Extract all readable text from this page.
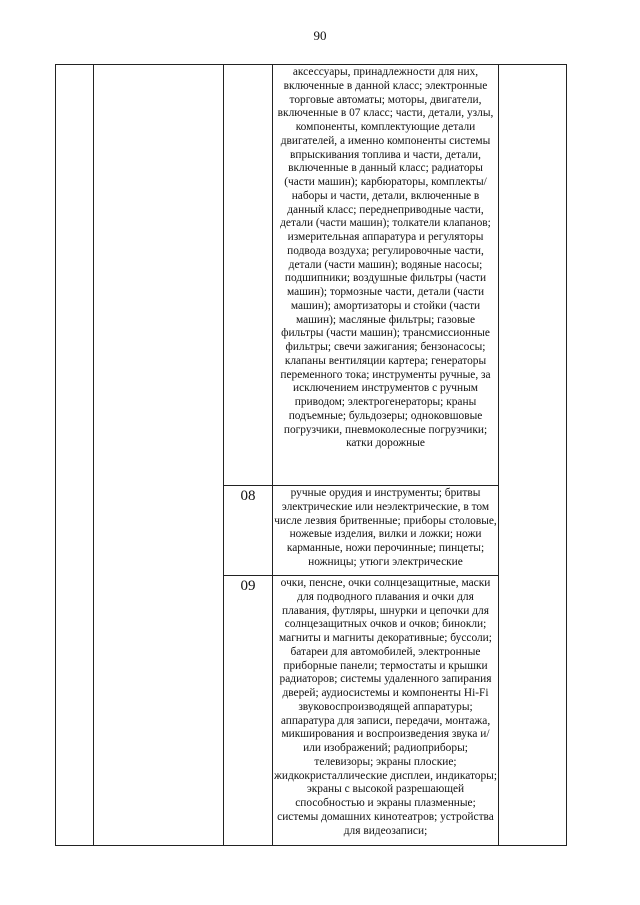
90
			аксессуары, принадлежности для них, включенные в данной класс; электронные торговые автоматы; моторы, двигатели, включенные в 07 класс; части, детали, узлы, компоненты, комплектующие детали двигателей, а именно компоненты системы впрыскивания топлива и части, детали, включенные в данный класс; радиаторы (части машин); карбюраторы, комплекты/наборы и части, детали, включенные в данный класс; переднеприводные части, детали (части машин); толкатели клапанов; измерительная аппаратура и регуляторы подвода воздуха; регулировочные части, детали (части машин); водяные насосы; подшипники; воздушные фильтры (части машин); тормозные части, детали (части машин); амортизаторы и стойки (части машин); масляные фильтры; газовые фильтры (части машин); трансмиссионные фильтры; свечи зажигания; бензонасосы; клапаны вентиляции картера; генераторы переменного тока; инструменты ручные, за исключением инструментов с ручным приводом; электрогенераторы; краны подъемные; бульдозеры; одноковшовые погрузчики, пневмоколесные погрузчики; катки дорожные	
		08	ручные орудия и инструменты; бритвы электрические или неэлектрические, в том числе лезвия бритвенные; приборы столовые, ножевые изделия, вилки и ложки; ножи карманные, ножи перочинные; пинцеты; ножницы; утюги электрические	
		09	очки, пенсне, очки солнцезащитные, маски для подводного плавания и очки для плавания, футляры, шнурки и цепочки для солнцезащитных очков и очков; бинокли; магниты и магниты декоративные; буссоли; батареи для автомобилей, электронные приборные панели; термостаты и крышки радиаторов; системы удаленного запирания дверей; аудиосистемы и компоненты Hi-Fi звуковоспроизводящей аппаратуры; аппаратура для записи, передачи, монтажа, микширования и воспроизведения звука и/или изображений; радиоприборы; телевизоры; экраны плоские; жидкокристаллические дисплеи, индикаторы; экраны с высокой разрешающей способностью и экраны плазменные; системы домашних кинотеатров; устройства для видеозаписи;	
